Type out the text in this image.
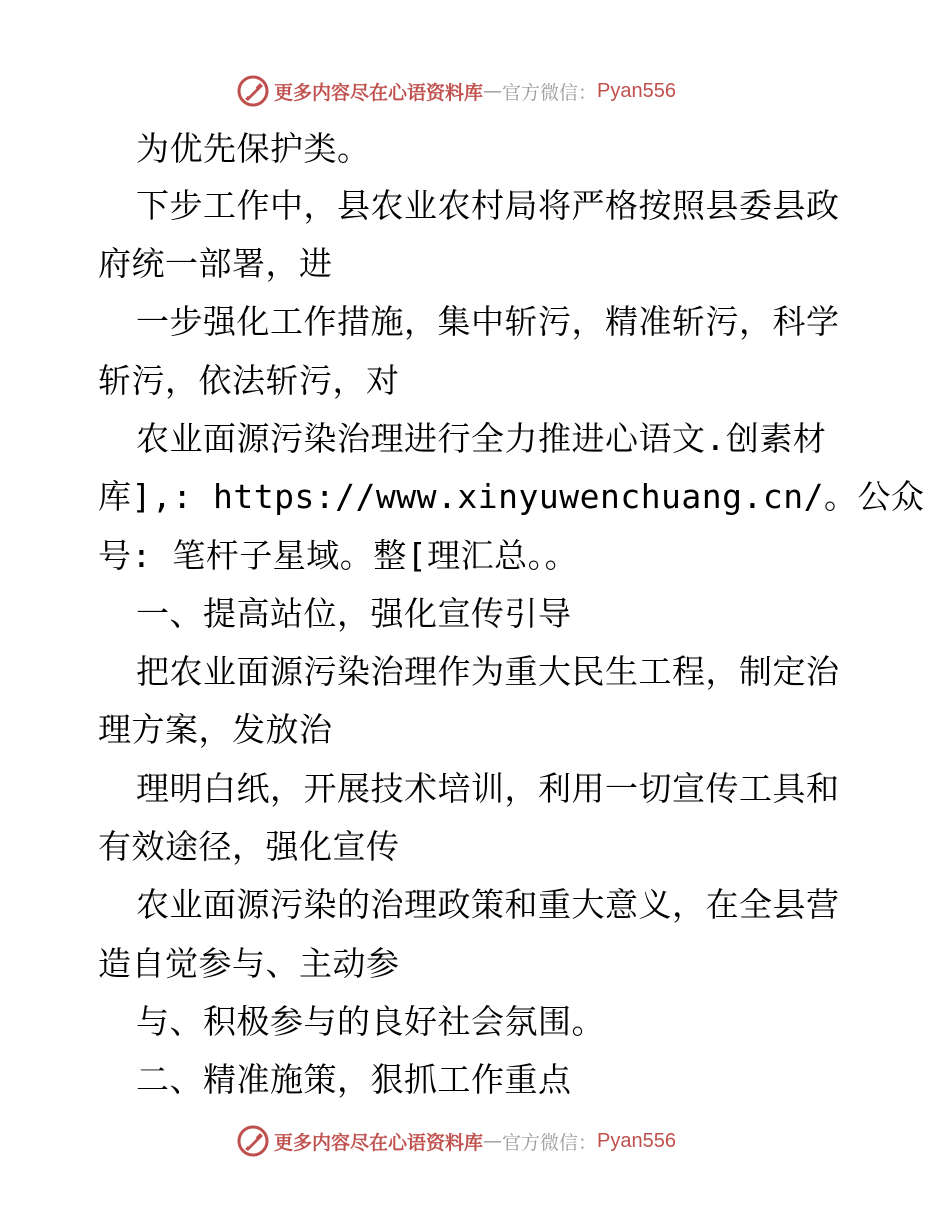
更多内容尽在心语资料库 — 官方微信： Pyan556
为优先保护类。
下步工作中，县农业农村局将严格按照县委县政
府统一部署，进
一步强化工作措施，集中斩污，精准斩污，科学
斩污，依法斩污，对
农业面源污染治理进行全力推进心语文.创素材
库],: https://www.xinyuwenchuang.cn/。公众
号: 笔杆子星域。整[理汇总。。
一、提高站位，强化宣传引导
把农业面源污染治理作为重大民生工程，制定治
理方案，发放治
理明白纸，开展技术培训，利用一切宣传工具和
有效途径，强化宣传
农业面源污染的治理政策和重大意义，在全县营
造自觉参与、主动参
与、积极参与的良好社会氛围。
二、精准施策，狠抓工作重点
更多内容尽在心语资料库 — 官方微信： Pyan556
